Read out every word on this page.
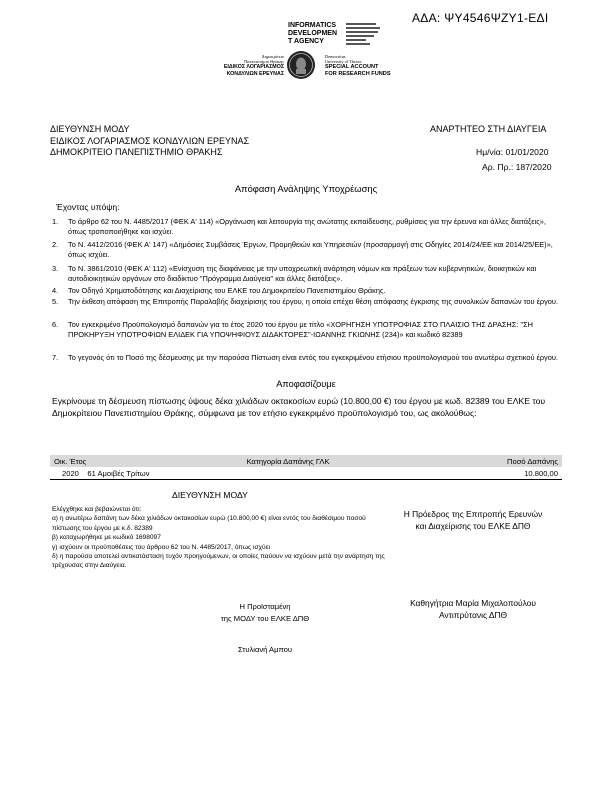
ΑΔΑ: ΨΥ4546ΨΖΥ1-ΕΔΙ
INFORMATICS
DEVELOPMEN
T AGENCY
Δημοκρίτειο
Πανεπιστήμιο Θράκης
ΕΙΔΙΚΟΣ ΛΟΓΑΡΙΑΣΜΟΣ
ΚΟΝΔΥΛΙΩΝ ΕΡΕΥΝΑΣ
Democritus
University of Thrace
SPECIAL ACCOUNT
FOR RESEARCH FUNDS
ΔΙΕΥΘΥΝΣΗ ΜΟΔΥ
ΕΙΔΙΚΟΣ ΛΟΓΑΡΙΑΣΜΟΣ ΚΟΝΔΥΛΙΩΝ ΕΡΕΥΝΑΣ
ΔΗΜΟΚΡΙΤΕΙΟ ΠΑΝΕΠΙΣΤΗΜΙΟ ΘΡΑΚΗΣ
ΑΝΑΡΤΗΤΕΟ ΣΤΗ ΔΙΑΥΓΕΙΑ
Ημ/νία: 01/01/2020
Αρ. Πρ.: 187/2020
Απόφαση Ανάληψης Υποχρέωσης
Έχοντας υπόψη:
1. Το άρθρο 62 του Ν. 4485/2017 (ΦΕΚ Α' 114) «Οργάνωση και λειτουργία της ανώτατης εκπαίδευσης, ρυθμίσεις για την έρευνα και άλλες διατάξεις», όπως τροποποιήθηκε και ισχύει.
2. Το Ν. 4412/2016 (ΦΕΚ Α' 147) «Δημόσιες Συμβάσεις Έργων, Προμηθειών και Υπηρεσιών (προσαρμογή στις Οδηγίες 2014/24/ΕΕ και 2014/25/ΕΕ)», όπως ισχύει.
3. Το Ν. 3861/2010 (ΦΕΚ Α' 112) «Ενίσχυση της διαφάνειας με την υποχρεωτική ανάρτηση νόμων και πράξεων των κυβερνητικών, διοικητικών και αυτοδιοικητικών οργάνων στο διαδίκτυο "Πρόγραμμα Διαύγεια" και άλλες διατάξεις».
4. Τον Οδηγό Χρηματοδότησης και Διαχείρισης του ΕΛΚΕ του Δημοκριτείου Πανεπιστημίου Θράκης.
5. Την έκθεση απόφαση της Επιτροπής Παραλαβής διαχείρισης του έργου, η οποία επέχει θέση απόφασης έγκρισης της συνολικών δαπανών του έργου.
6. Τον εγκεκριμένο Προϋπολογισμό δαπανών για το έτος 2020 του έργου με τίτλο «ΧΟΡΗΓΗΣΗ ΥΠΟΤΡΟΦΙΑΣ ΣΤΟ ΠΛΑΙΣΙΟ ΤΗΣ ΔΡΑΣΗΣ: "ΣΗ ΠΡΟΚΗΡΥΞΗ ΥΠΟΤΡΟΦΙΩΝ ΕΛΙΔΕΚ ΓΙΑ ΥΠΟΨΗΦΙΟΥΣ ΔΙΔΑΚΤΟΡΕΣ"-ΙΩΑΝΝΗΣ ΓΚΙΩΝΗΣ (234)» και κωδικό 82389
7. Το γεγονός ότι το Ποσό της δέσμευσης με την παρούσα Πίστωση είναι εντός του εγκεκριμένου ετήσιου προϋπολογισμού του ανωτέρω σχετικού έργου.
Αποφασίζουμε
Εγκρίνουμε τη δέσμευση πίστωσης ύψους δέκα χιλιάδων οκτακοσίων ευρώ (10.800,00 €) του έργου με κωδ. 82389 του ΕΛΚΕ του Δημοκρίτειου Πανεπιστημίου Θράκης, σύμφωνα με τον ετήσιο εγκεκριμένο προϋπολογισμό του, ως ακολούθως:
Οικ. Έτος	Κατηγορία Δαπάνης ΓΛΚ	Ποσό Δαπάνης
2020 61 Αμοιβές Τρίτων		10.800,00
ΔΙΕΥΘΥΝΣΗ ΜΟΔΥ
Ελέγχθηκε και βεβαιώνεται ότι:
α) η ανωτέρω δαπάνη των δέκα χιλιάδων οκτακοσίων ευρώ (10.800,00 €) είναι εντός του διαθέσιμου ποσού πίστωσης του έργου με κ.δ. 82389
β) καταχωρήθηκε με κωδικό 1698097
γ) ισχύουν οι προϋποθέσεις του άρθρου 62 του Ν. 4485/2017, όπως ισχύει
δ) η παρούσα αποτελεί αντικατάσταση τυχόν προηγούμενων, οι οποίες παύουν να ισχύουν μετά την ανάρτηση της τρέχουσας στην Διαύγεια.
Η Πρόεδρος της Επιτροπής Ερευνών
και Διαχείρισης του ΕΛΚΕ ΔΠΘ
Καθηγήτρια Μαρία Μιχαλοπούλου
Αντιπρύτανις ΔΠΘ
Η Προϊσταμένη
της ΜΟΔΥ του ΕΛΚΕ ΔΠΘ
Στυλιανή Αμπου
